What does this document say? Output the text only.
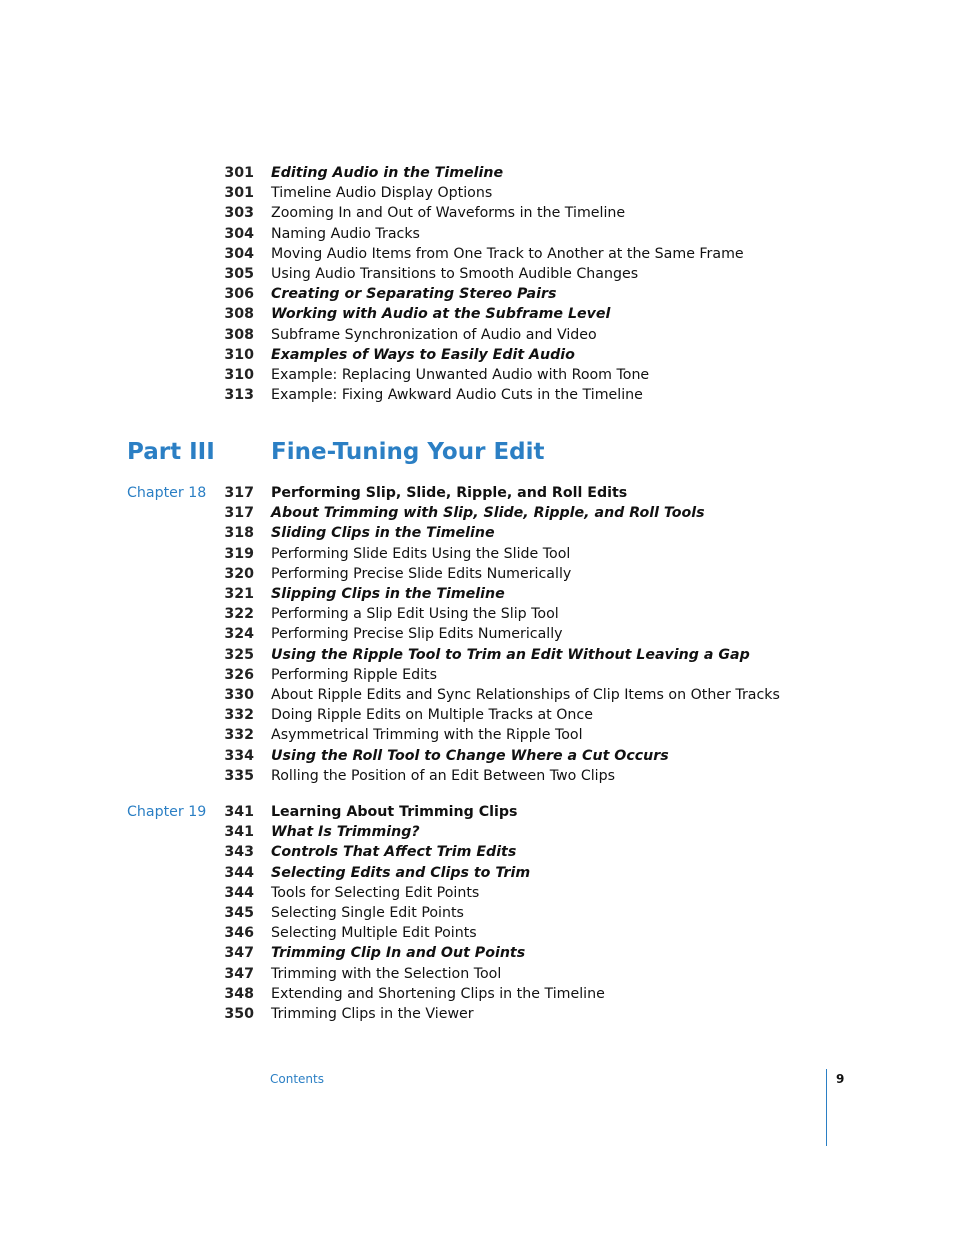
301 Editing Audio in the Timeline
301 Timeline Audio Display Options
303 Zooming In and Out of Waveforms in the Timeline
304 Naming Audio Tracks
304 Moving Audio Items from One Track to Another at the Same Frame
305 Using Audio Transitions to Smooth Audible Changes
306 Creating or Separating Stereo Pairs
308 Working with Audio at the Subframe Level
308 Subframe Synchronization of Audio and Video
310 Examples of Ways to Easily Edit Audio
310 Example: Replacing Unwanted Audio with Room Tone
313 Example: Fixing Awkward Audio Cuts in the Timeline
Part III Fine-Tuning Your Edit
Chapter 18	317 Performing Slip, Slide, Ripple, and Roll Edits
317 About Trimming with Slip, Slide, Ripple, and Roll Tools
318 Sliding Clips in the Timeline
319 Performing Slide Edits Using the Slide Tool
320 Performing Precise Slide Edits Numerically
321 Slipping Clips in the Timeline
322 Performing a Slip Edit Using the Slip Tool
324 Performing Precise Slip Edits Numerically
325 Using the Ripple Tool to Trim an Edit Without Leaving a Gap
326 Performing Ripple Edits
330 About Ripple Edits and Sync Relationships of Clip Items on Other Tracks
332 Doing Ripple Edits on Multiple Tracks at Once
332 Asymmetrical Trimming with the Ripple Tool
334 Using the Roll Tool to Change Where a Cut Occurs
335 Rolling the Position of an Edit Between Two Clips
Chapter 19	341 Learning About Trimming Clips
341 What Is Trimming?
343 Controls That Affect Trim Edits
344 Selecting Edits and Clips to Trim
344 Tools for Selecting Edit Points
345 Selecting Single Edit Points
346 Selecting Multiple Edit Points
347 Trimming Clip In and Out Points
347 Trimming with the Selection Tool
348 Extending and Shortening Clips in the Timeline
350 Trimming Clips in the Viewer
Contents	9
